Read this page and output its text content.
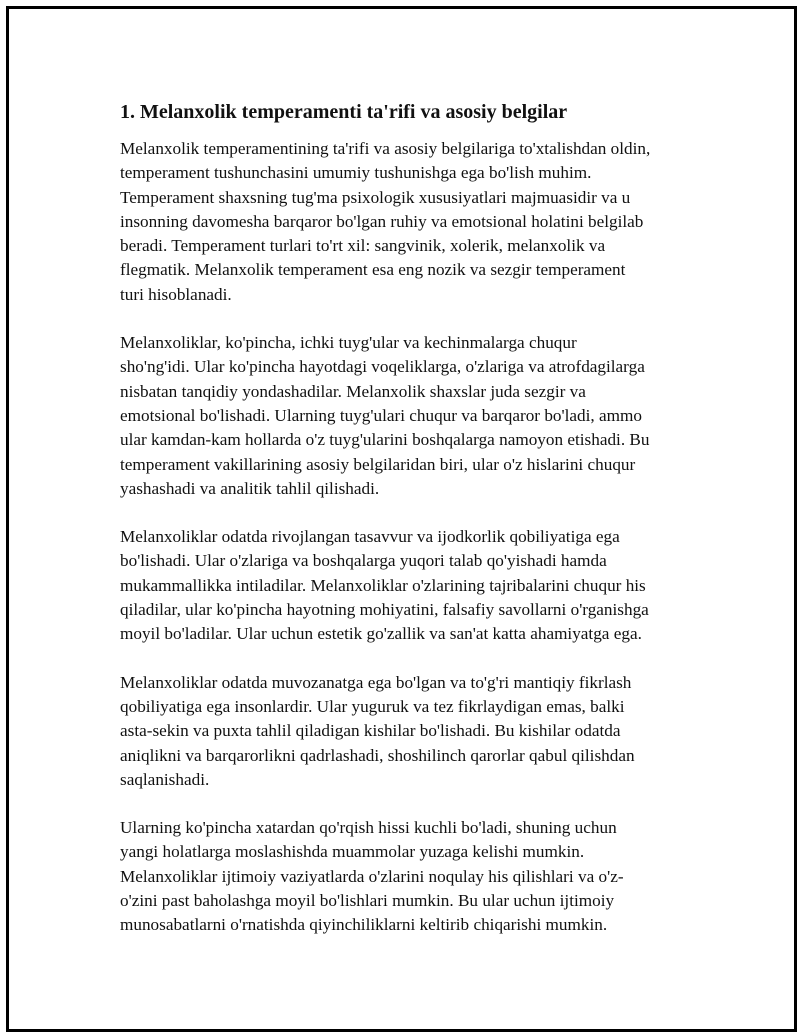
1. Melanxolik temperamenti ta'rifi va asosiy belgilar

Melanxolik temperamentining ta'rifi va asosiy belgilariga to'xtalishdan oldin,
temperament tushunchasini umumiy tushunishga ega bo'lish muhim.
Temperament shaxsning tug'ma psixologik xususiyatlari majmuasidir va u
insonning davomesha barqaror bo'lgan ruhiy va emotsional holatini belgilab
beradi. Temperament turlari to'rt xil: sangvinik, xolerik, melanxolik va
flegmatik. Melanxolik temperament esa eng nozik va sezgir temperament
turi hisoblanadi.

Melanxoliklar, ko'pincha, ichki tuyg'ular va kechinmalarga chuqur
sho'ng'idi. Ular ko'pincha hayotdagi voqeliklarga, o'zlariga va atrofdagilarga
nisbatan tanqidiy yondashadilar. Melanxolik shaxslar juda sezgir va
emotsional bo'lishadi. Ularning tuyg'ulari chuqur va barqaror bo'ladi, ammo
ular kamdan-kam hollarda o'z tuyg'ularini boshqalarga namoyon etishadi. Bu
temperament vakillarining asosiy belgilaridan biri, ular o'z hislarini chuqur
yashashadi va analitik tahlil qilishadi.

Melanxoliklar odatda rivojlangan tasavvur va ijodkorlik qobiliyatiga ega
bo'lishadi. Ular o'zlariga va boshqalarga yuqori talab qo'yishadi hamda
mukammallikka intiladilar. Melanxoliklar o'zlarining tajribalarini chuqur his
qiladilar, ular ko'pincha hayotning mohiyatini, falsafiy savollarni o'rganishga
moyil bo'ladilar. Ular uchun estetik go'zallik va san'at katta ahamiyatga ega.

Melanxoliklar odatda muvozanatga ega bo'lgan va to'g'ri mantiqiy fikrlash
qobiliyatiga ega insonlardir. Ular yuguruk va tez fikrlaydigan emas, balki
asta-sekin va puxta tahlil qiladigan kishilar bo'lishadi. Bu kishilar odatda
aniqlikni va barqarorlikni qadrlashadi, shoshilinch qarorlar qabul qilishdan
saqlanishadi.

Ularning ko'pincha xatardan qo'rqish hissi kuchli bo'ladi, shuning uchun
yangi holatlarga moslashishda muammolar yuzaga kelishi mumkin.
Melanxoliklar ijtimoiy vaziyatlarda o'zlarini noqulay his qilishlari va o'z-
o'zini past baholashga moyil bo'lishlari mumkin. Bu ular uchun ijtimoiy
munosabatlarni o'rnatishda qiyinchiliklarni keltirib chiqarishi mumkin.
